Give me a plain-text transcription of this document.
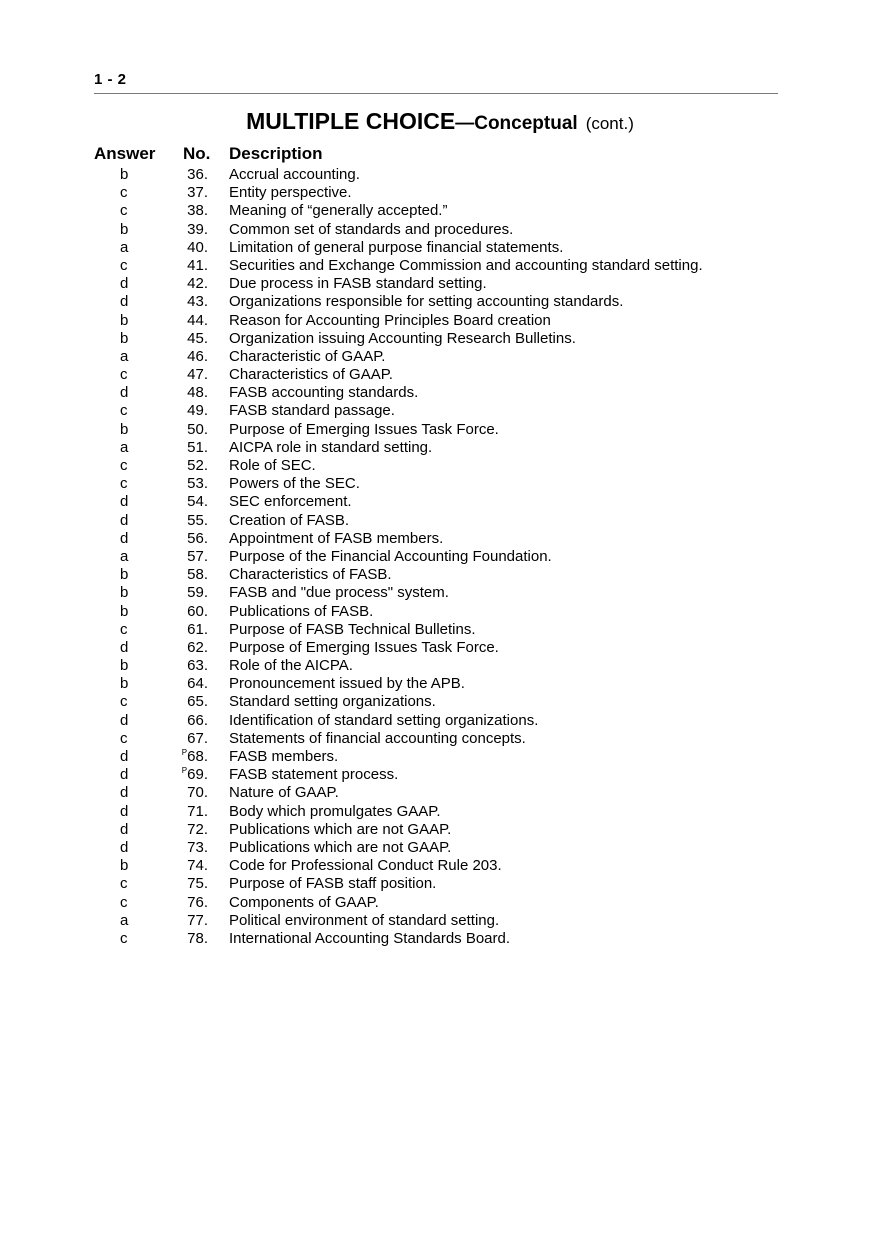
1 - 2
MULTIPLE CHOICE—Conceptual (cont.)
Answer No. Description
b	36. Accrual accounting.
c	37. Entity perspective.
c	38. Meaning of “generally accepted.”
b	39. Common set of standards and procedures.
a	40. Limitation of general purpose financial statements.
c	41. Securities and Exchange Commission and accounting standard setting.
d	42. Due process in FASB standard setting.
d	43. Organizations responsible for setting accounting standards.
b	44. Reason for Accounting Principles Board creation
b	45. Organization issuing Accounting Research Bulletins.
a	46. Characteristic of GAAP.
c	47. Characteristics of GAAP.
d	48. FASB accounting standards.
c	49. FASB standard passage.
b	50. Purpose of Emerging Issues Task Force.
a	51. AICPA role in standard setting.
c	52. Role of SEC.
c	53. Powers of the SEC.
d	54. SEC enforcement.
d	55. Creation of FASB.
d	56. Appointment of FASB members.
a	57. Purpose of the Financial Accounting Foundation.
b	58. Characteristics of FASB.
b	59. FASB and "due process" system.
b	60. Publications of FASB.
c	61. Purpose of FASB Technical Bulletins.
d	62. Purpose of Emerging Issues Task Force.
b	63. Role of the AICPA.
b	64. Pronouncement issued by the APB.
c	65. Standard setting organizations.
d	66. Identification of standard setting organizations.
c	67. Statements of financial accounting concepts.
d	$^P$68. FASB members.
d	$^P$69. FASB statement process.
d	70. Nature of GAAP.
d	71. Body which promulgates GAAP.
d	72. Publications which are not GAAP.
d	73. Publications which are not GAAP.
b	74. Code for Professional Conduct Rule 203.
c	75. Purpose of FASB staff position.
c	76. Components of GAAP.
a	77. Political environment of standard setting.
c	78. International Accounting Standards Board.
